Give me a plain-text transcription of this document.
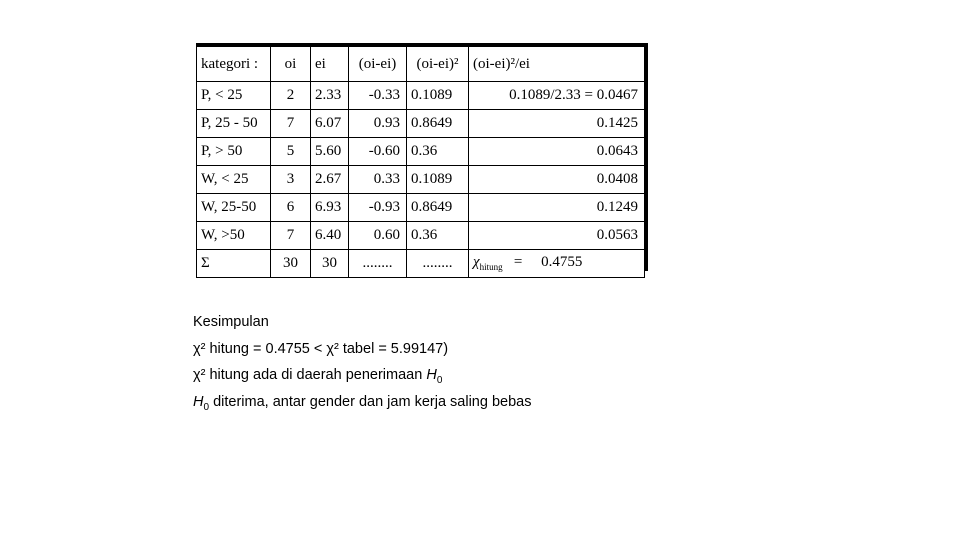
kategori :	oi	ei	(oi-ei)	(oi-ei)²	(oi-ei)²/ei
P, < 25	2	2.33	-0.33	0.1089	0.1089/2.33 = 0.0467
P, 25 - 50	7	6.07	0.93	0.8649	0.1425
P, > 50	5	5.60	-0.60	0.36	0.0643
W, < 25	3	2.67	0.33	0.1089	0.0408
W, 25-50	6	6.93	-0.93	0.8649	0.1249
W, >50	7	6.40	0.60	0.36	0.0563
Σ	30	30	........	........	$\chi_{hitung} = 0.4755$

Kesimpulan

χ² hitung = 0.4755 < χ² tabel = 5.99147)

χ² hitung ada di daerah penerimaan $H_0$

$H_0$ diterima, antar gender dan jam kerja saling bebas
